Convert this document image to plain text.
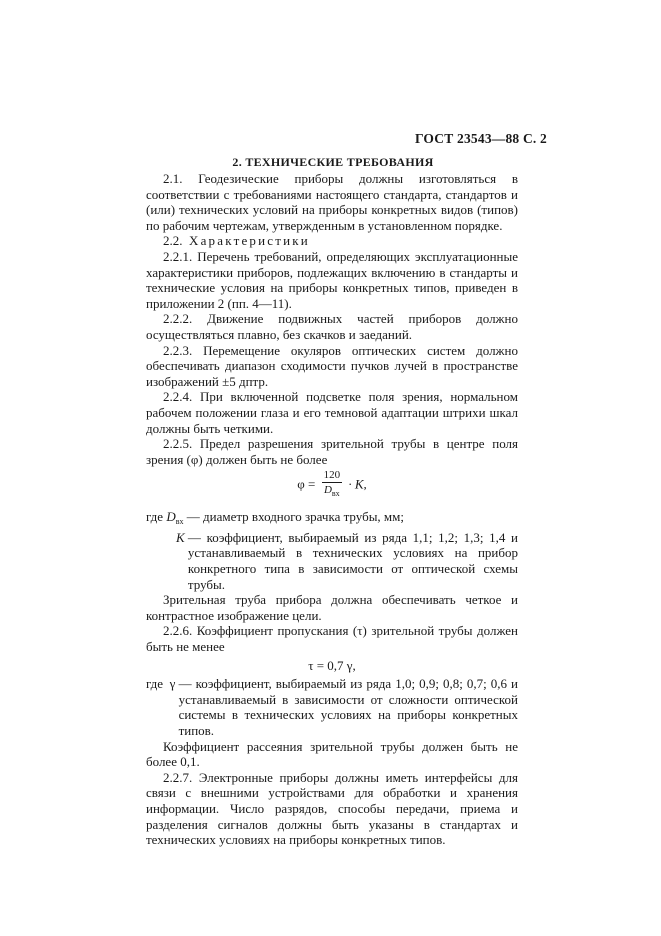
ГОСТ 23543—88 С. 2
2. ТЕХНИЧЕСКИЕ ТРЕБОВАНИЯ

2.1. Геодезические приборы должны изготовляться в соответствии с требованиями настоящего стандарта, стандартов и (или) технических условий на приборы конкретных видов (типов) по рабочим чертежам, утвержденным в установленном порядке.

2.2. Характеристики

2.2.1. Перечень требований, определяющих эксплуатационные характеристики приборов, подлежащих включению в стандарты и технические условия на приборы конкретных типов, приведен в приложении 2 (пп. 4—11).

2.2.2. Движение подвижных частей приборов должно осуществляться плавно, без скачков и заеданий.

2.2.3. Перемещение окуляров оптических систем должно обеспечивать диапазон сходимости пучков лучей в пространстве изображений ±5 дптр.

2.2.4. При включенной подсветке поля зрения, нормальном рабочем положении глаза и его темновой адаптации штрихи шкал должны быть четкими.

2.2.5. Предел разрешения зрительной трубы в центре поля зрения (φ) должен быть не более

$\varphi = \frac{120}{D_{вх}} \cdot K$,
где $D_{вх}$ — диаметр входного зрачка трубы, мм;
K — коэффициент, выбираемый из ряда 1,1; 1,2; 1,3; 1,4 и устанавливаемый в технических условиях на прибор конкретного типа в зависимости от оптической схемы трубы.

Зрительная труба прибора должна обеспечивать четкое и контрастное изображение цели.

2.2.6. Коэффициент пропускания (τ) зрительной трубы должен быть не менее

τ = 0,7 γ,
где γ — коэффициент, выбираемый из ряда 1,0; 0,9; 0,8; 0,7; 0,6 и устанавливаемый в зависимости от сложности оптической системы в технических условиях на приборы конкретных типов.

Коэффициент рассеяния зрительной трубы должен быть не более 0,1.

2.2.7. Электронные приборы должны иметь интерфейсы для связи с внешними устройствами для обработки и хранения информации. Число разрядов, способы передачи, приема и разделения сигналов должны быть указаны в стандартах и технических условиях на приборы конкретных типов.
